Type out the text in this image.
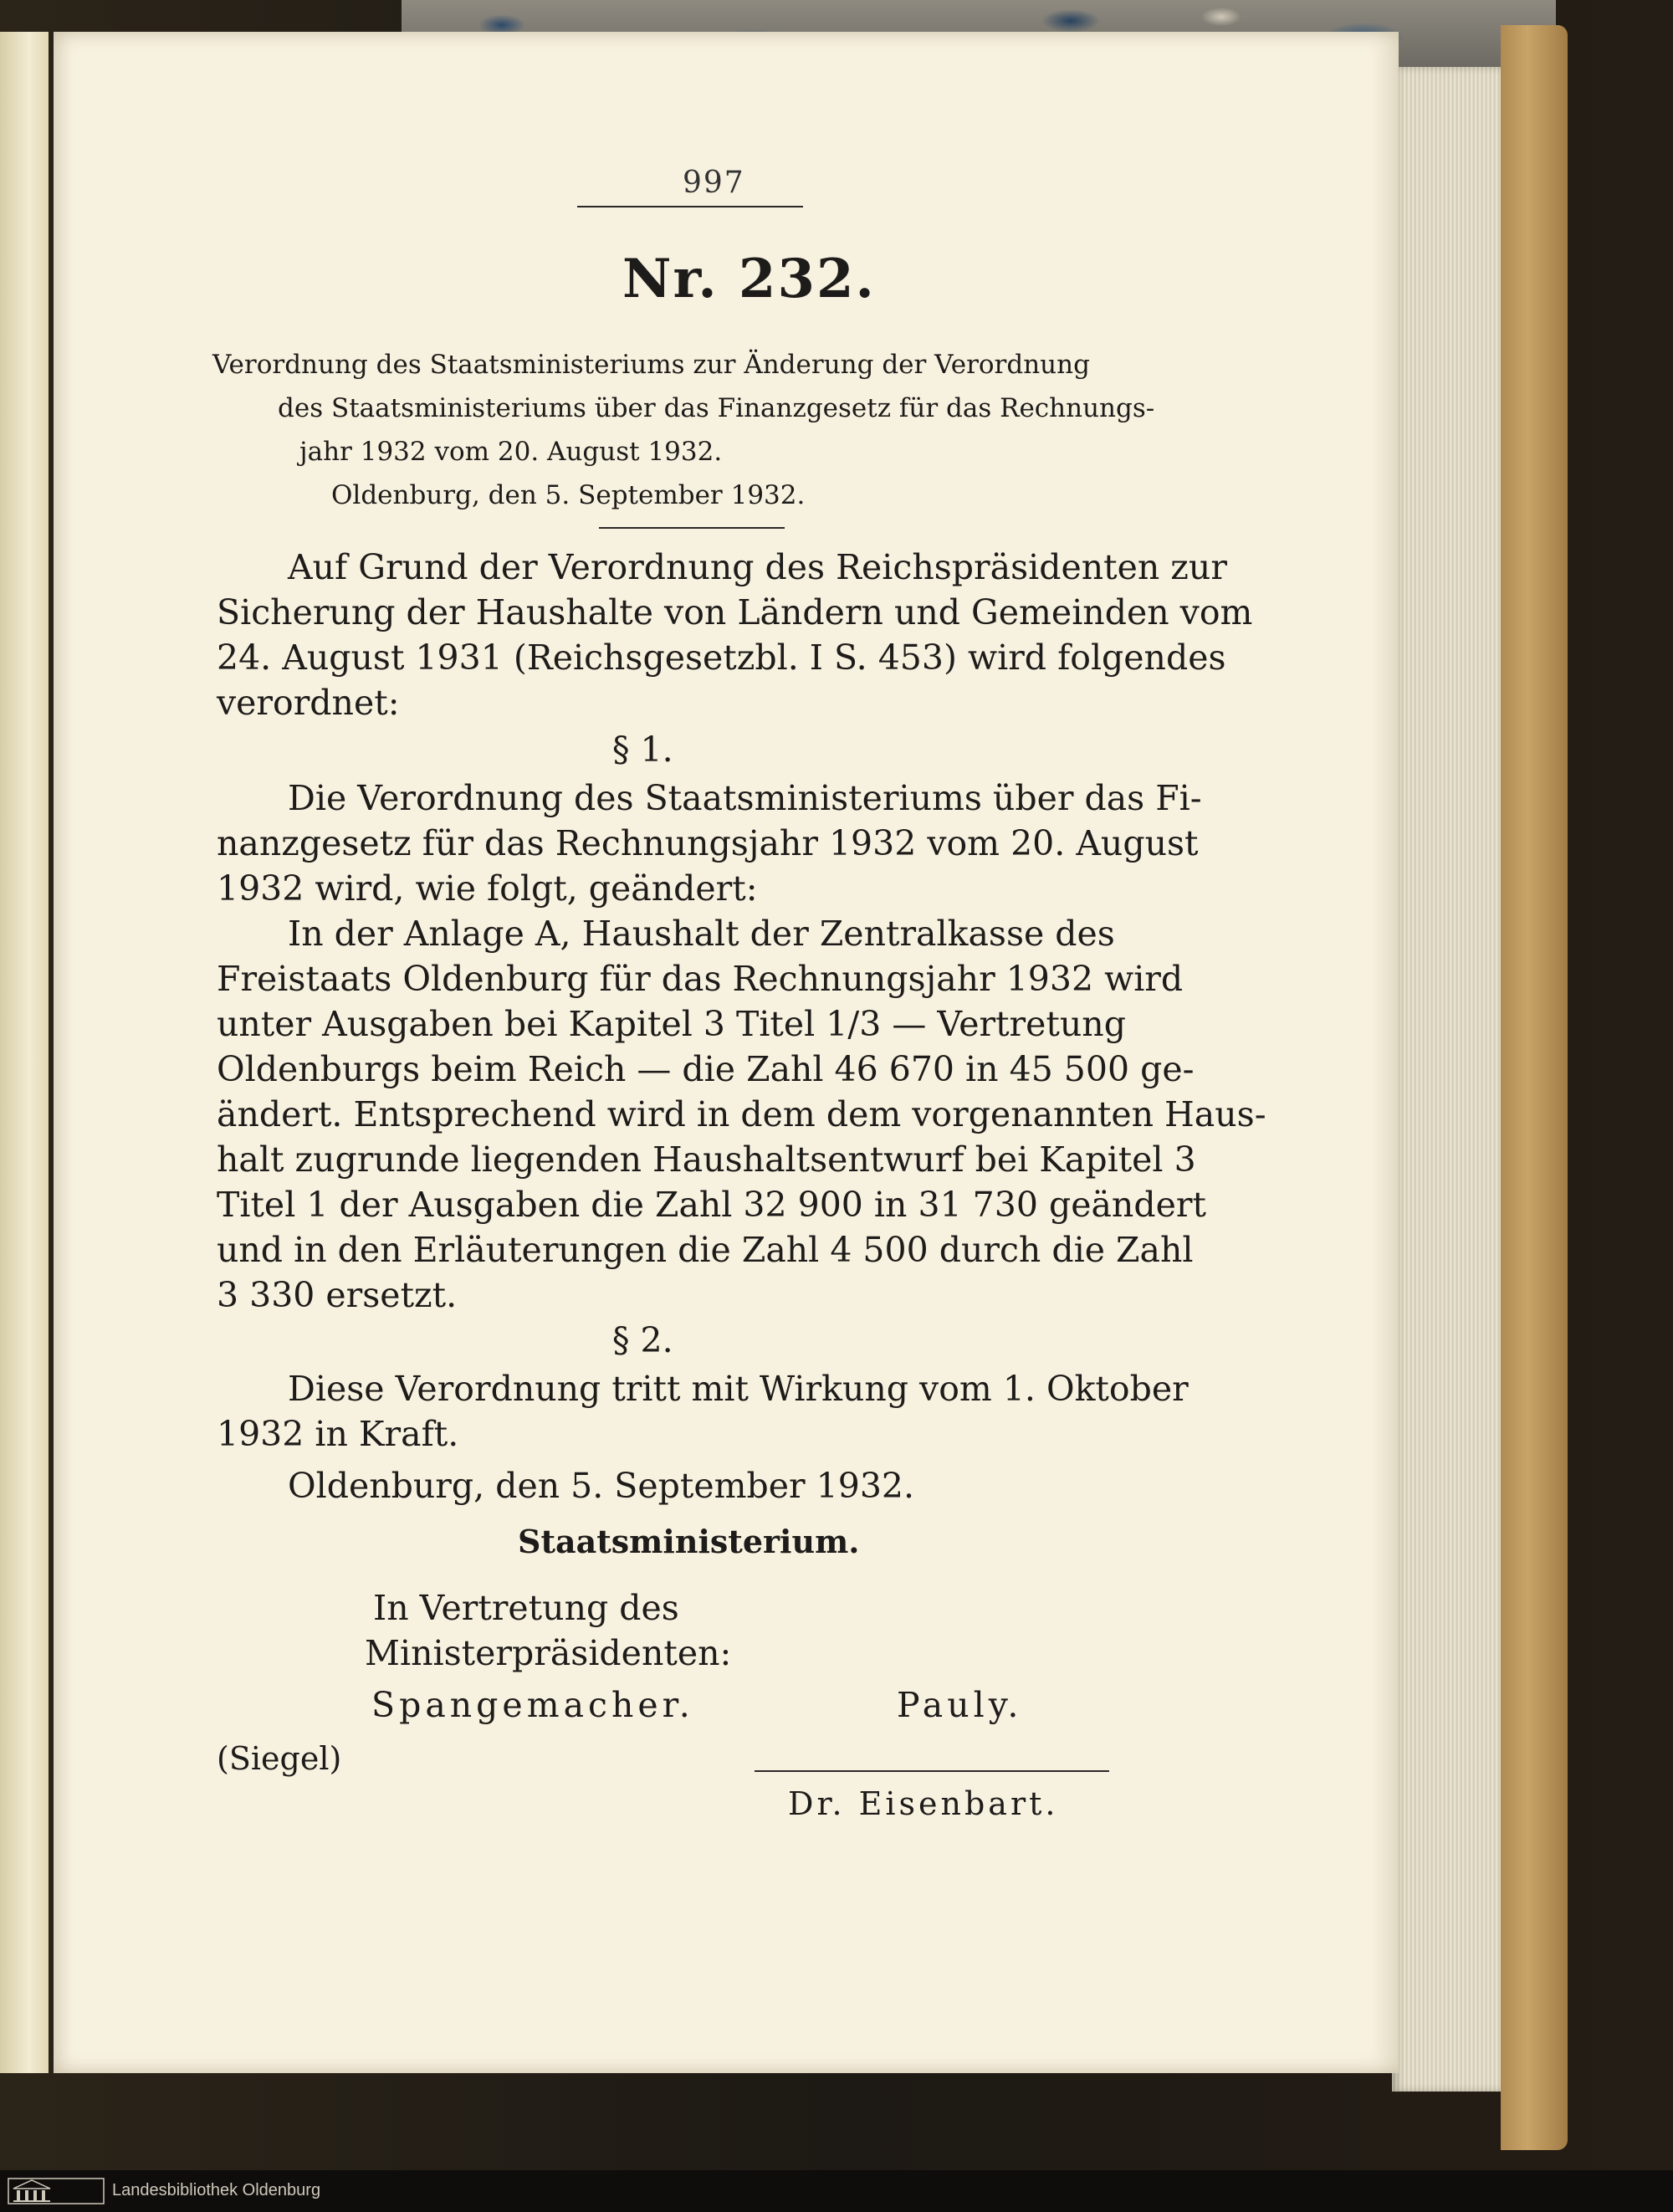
997
Nr. 232.
Verordnung des Staatsministeriums zur Änderung der Verordnung
des Staatsministeriums über das Finanzgesetz für das Rechnungs-
jahr 1932 vom 20. August 1932.
Oldenburg, den 5. September 1932.
Auf Grund der Verordnung des Reichspräsidenten zur
Sicherung der Haushalte von Ländern und Gemeinden vom
24. August 1931 (Reichsgesetzbl. I S. 453) wird folgendes
verordnet:
§ 1.
Die Verordnung des Staatsministeriums über das Fi-
nanzgesetz für das Rechnungsjahr 1932 vom 20. August
1932 wird, wie folgt, geändert:
In der Anlage A, Haushalt der Zentralkasse des
Freistaats Oldenburg für das Rechnungsjahr 1932 wird
unter Ausgaben bei Kapitel 3 Titel 1/3 — Vertretung
Oldenburgs beim Reich — die Zahl 46 670 in 45 500 ge-
ändert. Entsprechend wird in dem dem vorgenannten Haus-
halt zugrunde liegenden Haushaltsentwurf bei Kapitel 3
Titel 1 der Ausgaben die Zahl 32 900 in 31 730 geändert
und in den Erläuterungen die Zahl 4 500 durch die Zahl
3 330 ersetzt.
§ 2.
Diese Verordnung tritt mit Wirkung vom 1. Oktober
1932 in Kraft.
Oldenburg, den 5. September 1932.
Staatsministerium.
In Vertretung des
Ministerpräsidenten:
Spangemacher.	Pauly.
(Siegel)
Dr. Eisenbart.
Landesbibliothek Oldenburg
